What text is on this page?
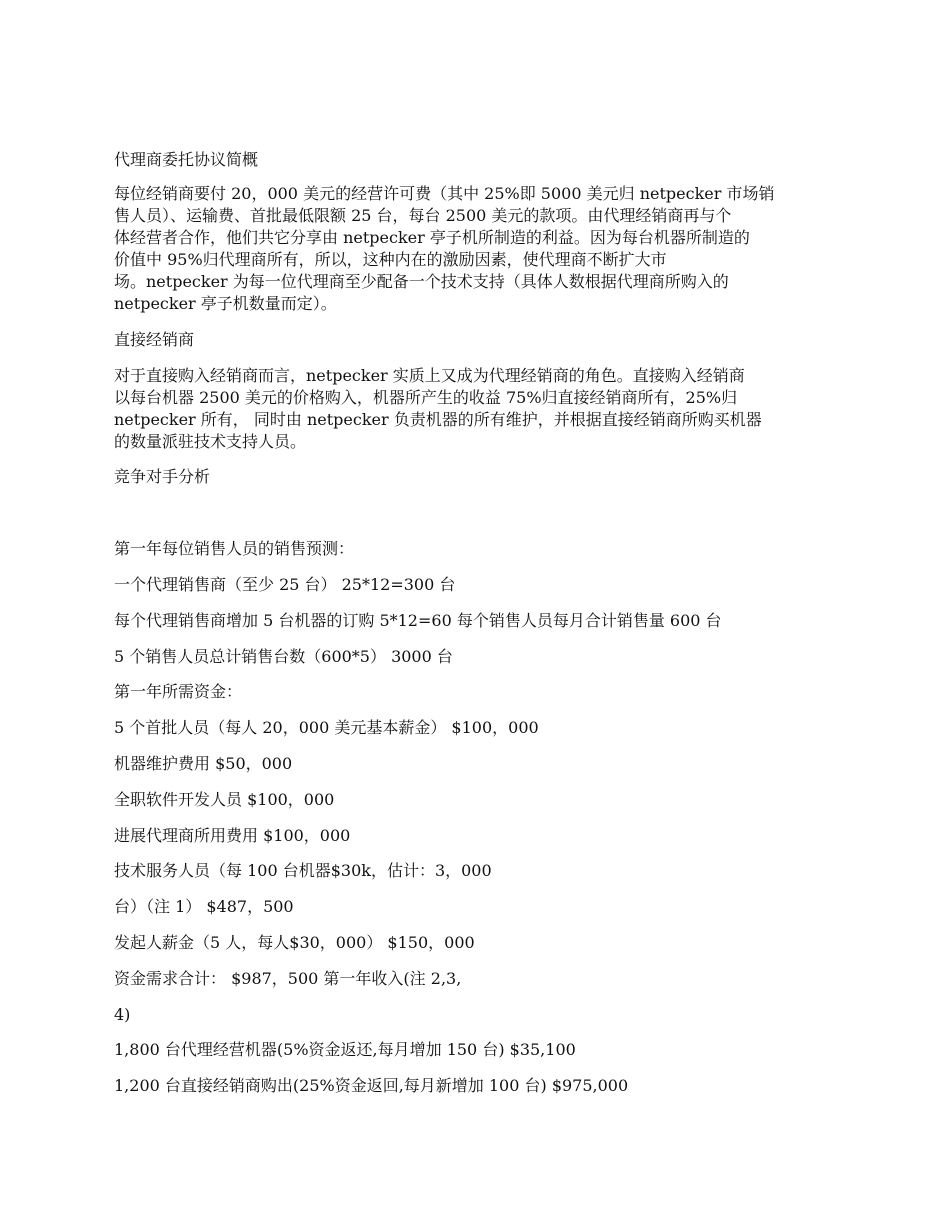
代理商委托协议简概
每位经销商要付 20，000 美元的经营许可费（其中 25%即 5000 美元归 netpecker 市场销
售人员）、运输费、首批最低限额 25 台，每台 2500 美元的款项。由代理经销商再与个
体经营者合作，他们共它分享由 netpecker 亭子机所制造的利益。因为每台机器所制造的
价值中 95%归代理商所有，所以，这种内在的激励因素，使代理商不断扩大市
场。netpecker 为每一位代理商至少配备一个技术支持（具体人数根据代理商所购入的
netpecker 亭子机数量而定）。
直接经销商
对于直接购入经销商而言，netpecker 实质上又成为代理经销商的角色。直接购入经销商
以每台机器 2500 美元的价格购入，机器所产生的收益 75%归直接经销商所有，25%归
netpecker 所有， 同时由 netpecker 负责机器的所有维护，并根据直接经销商所购买机器
的数量派驻技术支持人员。
竞争对手分析
第一年每位销售人员的销售预测：
一个代理销售商（至少 25 台） 25*12=300 台
每个代理销售商增加 5 台机器的订购 5*12=60 每个销售人员每月合计销售量 600 台
5 个销售人员总计销售台数（600*5） 3000 台
第一年所需资金：
5 个首批人员（每人 20，000 美元基本薪金） $100，000
机器维护费用 $50，000
全职软件开发人员 $100，000
进展代理商所用费用 $100，000
技术服务人员（每 100 台机器$30k，估计：3，000
台）（注 1） $487，500
发起人薪金（5 人，每人$30，000） $150，000
资金需求合计： $987，500 第一年收入(注 2,3,
4)
1,800 台代理经营机器(5%资金返还,每月增加 150 台) $35,100
1,200 台直接经销商购出(25%资金返回,每月新增加 100 台) $975,000
